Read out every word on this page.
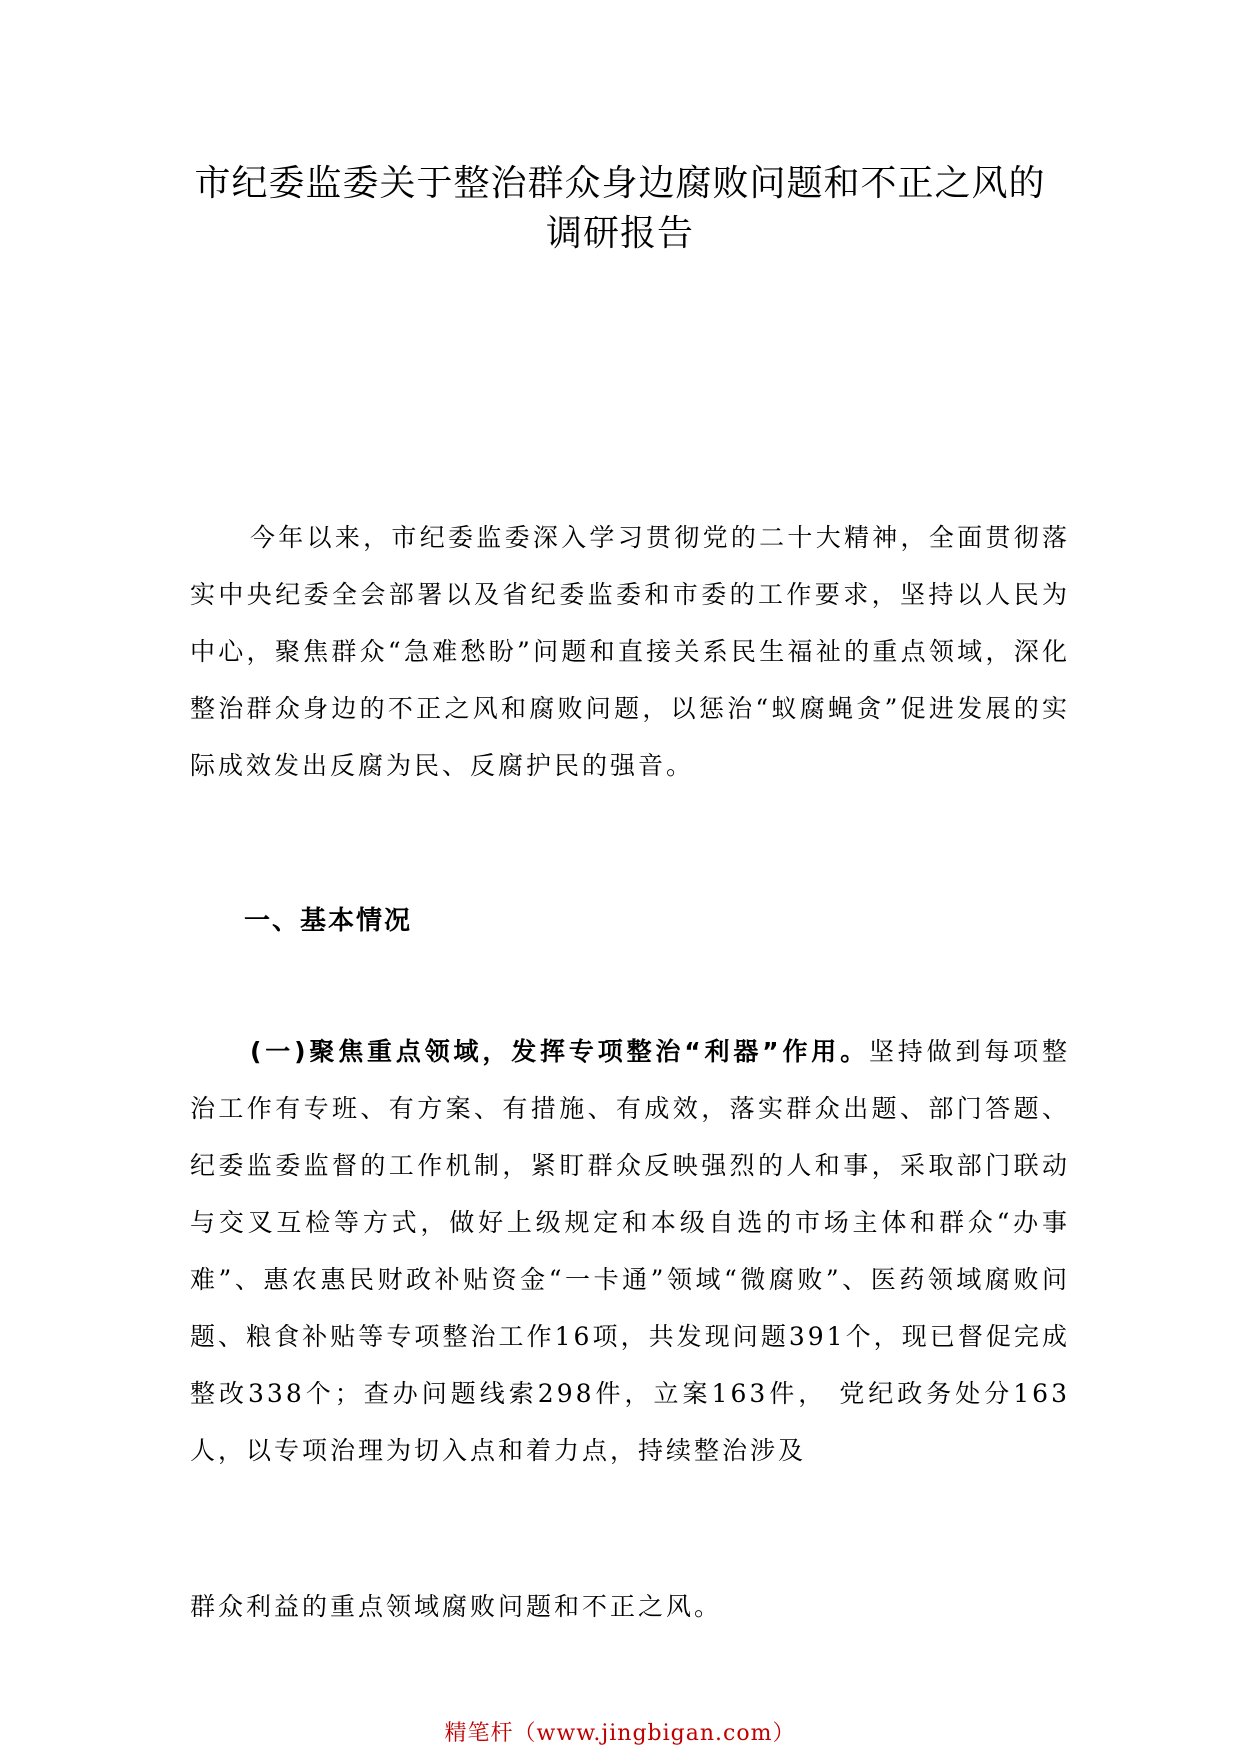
市纪委监委关于整治群众身边腐败问题和不正之风的
调研报告

今年以来，市纪委监委深入学习贯彻党的二十大精神，全面贯彻落实中央纪委全会部署以及省纪委监委和市委的工作要求，坚持以人民为中心，聚焦群众“急难愁盼”问题和直接关系民生福祉的重点领域，深化整治群众身边的不正之风和腐败问题，以惩治“蚁腐蝇贪”促进发展的实际成效发出反腐为民、反腐护民的强音。

一、基本情况

(一)聚焦重点领域，发挥专项整治“利器”作用。坚持做到每项整治工作有专班、有方案、有措施、有成效，落实群众出题、部门答题、纪委监委监督的工作机制，紧盯群众反映强烈的人和事，采取部门联动与交叉互检等方式，做好上级规定和本级自选的市场主体和群众“办事难”、惠农惠民财政补贴资金“一卡通”领域“微腐败”、医药领域腐败问题、粮食补贴等专项整治工作16项，共发现问题391个，现已督促完成整改338个；查办问题线索298件，立案163件， 党纪政务处分163人，以专项治理为切入点和着力点，持续整治涉及

群众利益的重点领域腐败问题和不正之风。

精笔杆（www.jingbigan.com）
